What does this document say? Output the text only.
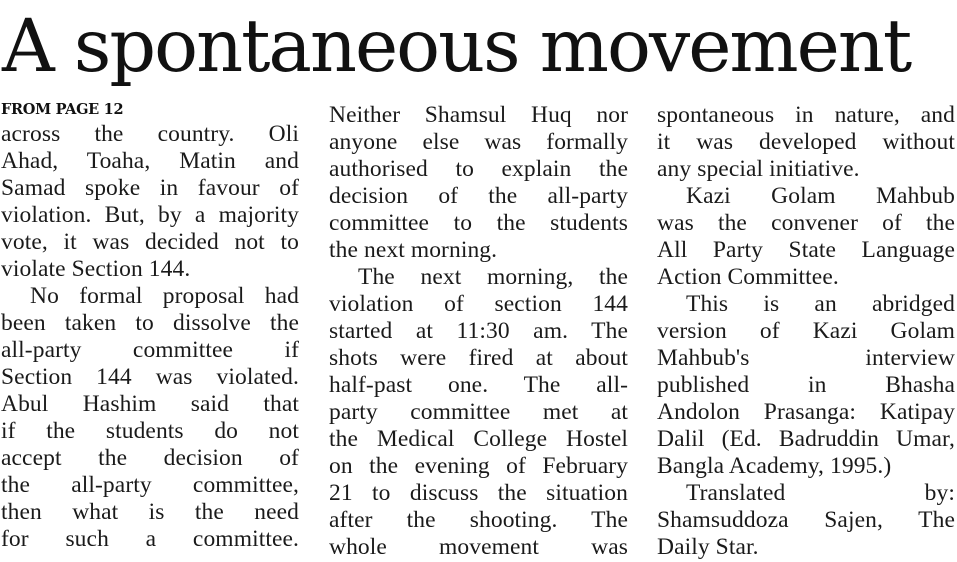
A spontaneous movement
FROM PAGE 12
across the country. Oli
Ahad, Toaha, Matin and
Samad spoke in favour of
violation. But, by a majority
vote, it was decided not to
violate Section 144.
No formal proposal had
been taken to dissolve the
all-party committee if
Section 144 was violated.
Abul Hashim said that
if the students do not
accept the decision of
the all-party committee,
then what is the need
for such a committee.
Neither Shamsul Huq nor
anyone else was formally
authorised to explain the
decision of the all-party
committee to the students
the next morning.
The next morning, the
violation of section 144
started at 11:30 am. The
shots were fired at about
half-past one. The all-
party committee met at
the Medical College Hostel
on the evening of February
21 to discuss the situation
after the shooting. The
whole movement was
spontaneous in nature, and
it was developed without
any special initiative.
Kazi Golam Mahbub
was the convener of the
All Party State Language
Action Committee.
This is an abridged
version of Kazi Golam
Mahbub's interview
published in Bhasha
Andolon Prasanga: Katipay
Dalil (Ed. Badruddin Umar,
Bangla Academy, 1995.)
Translated by:
Shamsuddoza Sajen, The
Daily Star.
